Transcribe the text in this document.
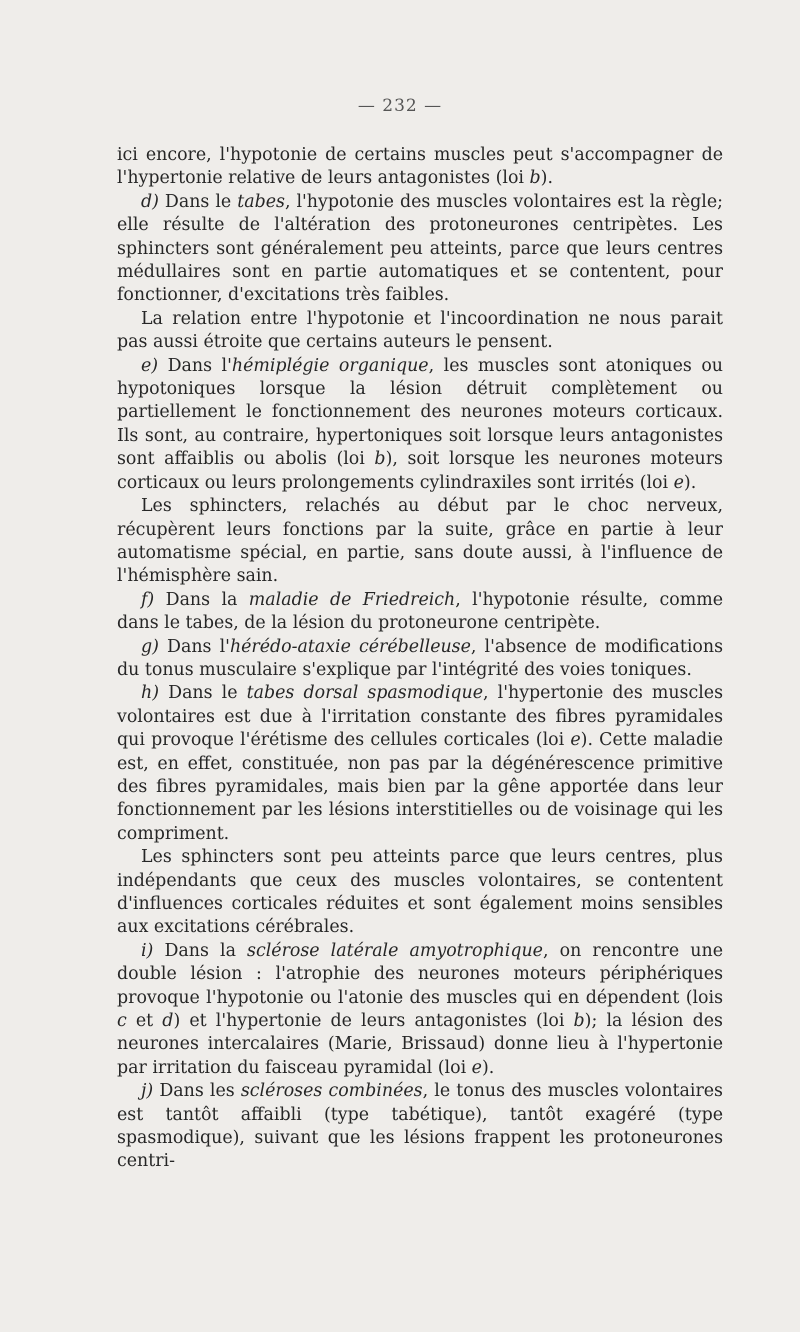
— 232 —

ici encore, l'hypotonie de certains muscles peut s'accompagner de l'hypertonie relative de leurs antagonistes (loi b).

d) Dans le tabes, l'hypotonie des muscles volontaires est la règle; elle résulte de l'altération des protoneurones centripètes. Les sphincters sont généralement peu atteints, parce que leurs centres médullaires sont en partie automatiques et se contentent, pour fonctionner, d'excitations très faibles.

La relation entre l'hypotonie et l'incoordination ne nous parait pas aussi étroite que certains auteurs le pensent.

e) Dans l'hémiplégie organique, les muscles sont atoniques ou hypotoniques lorsque la lésion détruit complètement ou partiellement le fonctionnement des neurones moteurs corticaux. Ils sont, au contraire, hypertoniques soit lorsque leurs antagonistes sont affaiblis ou abolis (loi b), soit lorsque les neurones moteurs corticaux ou leurs prolongements cylindraxiles sont irrités (loi e).

Les sphincters, relachés au début par le choc nerveux, récupèrent leurs fonctions par la suite, grâce en partie à leur automatisme spécial, en partie, sans doute aussi, à l'influence de l'hémisphère sain.

f) Dans la maladie de Friedreich, l'hypotonie résulte, comme dans le tabes, de la lésion du protoneurone centripète.

g) Dans l'hérédo-ataxie cérébelleuse, l'absence de modifications du tonus musculaire s'explique par l'intégrité des voies toniques.

h) Dans le tabes dorsal spasmodique, l'hypertonie des muscles volontaires est due à l'irritation constante des fibres pyramidales qui provoque l'érétisme des cellules corticales (loi e). Cette maladie est, en effet, constituée, non pas par la dégénérescence primitive des fibres pyramidales, mais bien par la gêne apportée dans leur fonctionnement par les lésions interstitielles ou de voisinage qui les compriment.

Les sphincters sont peu atteints parce que leurs centres, plus indépendants que ceux des muscles volontaires, se contentent d'influences corticales réduites et sont également moins sensibles aux excitations cérébrales.

i) Dans la sclérose latérale amyotrophique, on rencontre une double lésion : l'atrophie des neurones moteurs périphériques provoque l'hypotonie ou l'atonie des muscles qui en dépendent (lois c et d) et l'hypertonie de leurs antagonistes (loi b); la lésion des neurones intercalaires (Marie, Brissaud) donne lieu à l'hypertonie par irritation du faisceau pyramidal (loi e).

j) Dans les scléroses combinées, le tonus des muscles volontaires est tantôt affaibli (type tabétique), tantôt exagéré (type spasmodique), suivant que les lésions frappent les protoneurones centri-
